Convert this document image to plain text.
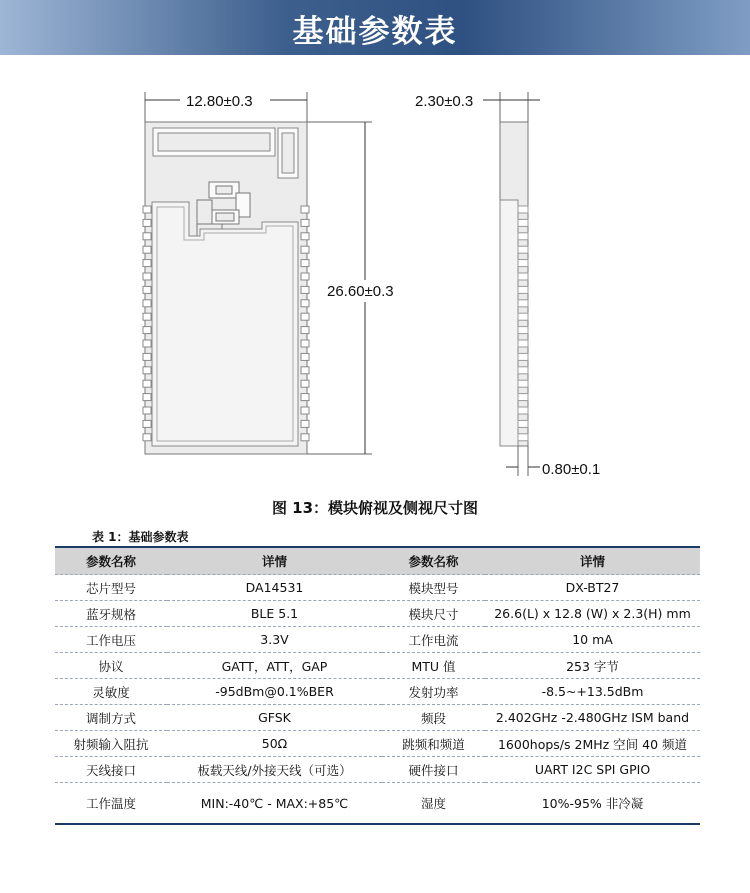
基础参数表
12.80±0.3
26.60±0.3
2.30±0.3
0.80±0.1
图 13：模块俯视及侧视尺寸图
表 1：基础参数表
参数名称	详情	参数名称	详情
芯片型号	DA14531	模块型号	DX-BT27
蓝牙规格	BLE 5.1	模块尺寸	26.6(L) x 12.8 (W) x 2.3(H) mm
工作电压	3.3V	工作电流	10 mA
协议	GATT，ATT，GAP	MTU 值	253 字节
灵敏度	-95dBm@0.1%BER	发射功率	-8.5~+13.5dBm
调制方式	GFSK	频段	2.402GHz -2.480GHz ISM band
射频输入阻抗	50Ω	跳频和频道	1600hops/s 2MHz 空间 40 频道
天线接口	板载天线/外接天线（可选）	硬件接口	UART I2C SPI GPIO
工作温度	MIN:-40℃ - MAX:+85℃	湿度	10%-95% 非冷凝
